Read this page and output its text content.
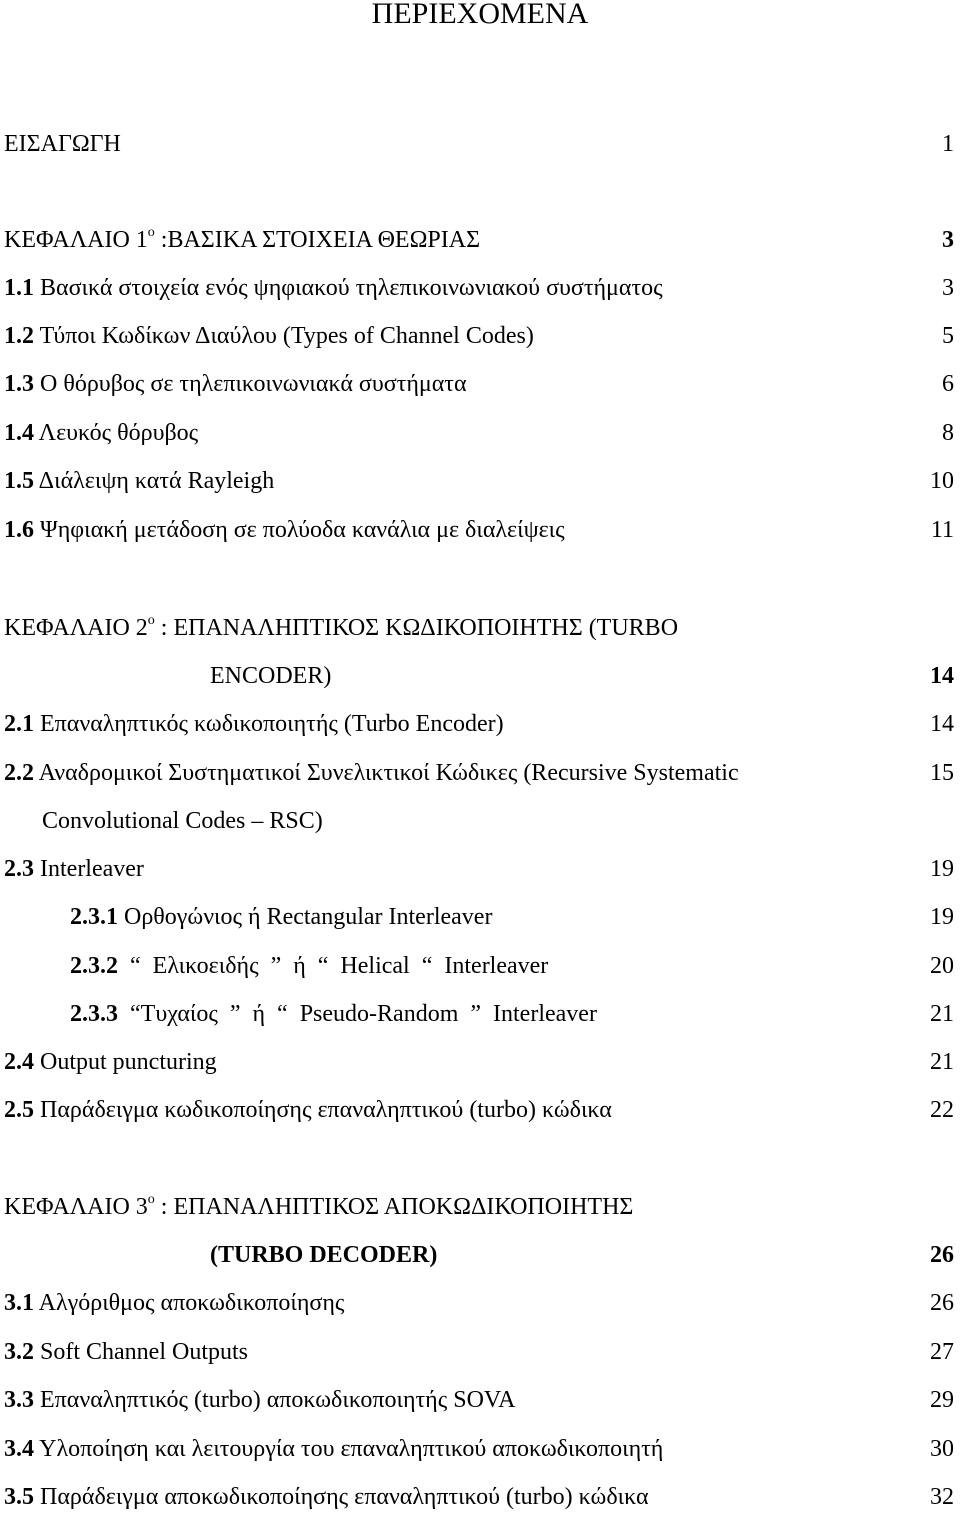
ΠΕΡΙΕΧΟΜΕΝΑ
ΕΙΣΑΓΩΓΗ	1
ΚΕΦΑΛΑΙΟ $1^o$ :ΒΑΣΙΚΑ ΣΤΟΙΧΕΙΑ ΘΕΩΡΙΑΣ	3
1.1 Βασικά στοιχεία ενός ψηφιακού τηλεπικοινωνιακού συστήματος	3
1.2 Τύποι Κωδίκων Διαύλου (Types of Channel Codes)	5
1.3 Ο θόρυβος σε τηλεπικοινωνιακά συστήματα	6
1.4 Λευκός θόρυβος	8
1.5 Διάλειψη κατά Rayleigh	10
1.6 Ψηφιακή μετάδοση σε πολύοδα κανάλια με διαλείψεις	11
ΚΕΦΑΛΑΙΟ $2^o$ : ΕΠΑΝΑΛΗΠΤΙΚΟΣ ΚΩΔΙΚΟΠΟΙΗΤΗΣ (TURBO
ENCODER)	14
2.1 Επαναληπτικός κωδικοποιητής (Turbo Encoder)	14
2.2 Αναδρομικοί Συστηματικοί Συνελικτικοί Κώδικες (Recursive Systematic	15
Convolutional Codes – RSC)
2.3 Interleaver	19
2.3.1 Ορθογώνιος ή Rectangular Interleaver	19
2.3.2 “ Ελικοειδής ” ή “ Helical “ Interleaver	20
2.3.3 “Τυχαίος ” ή “ Pseudo-Random ” Interleaver	21
2.4 Output puncturing	21
2.5 Παράδειγμα κωδικοποίησης επαναληπτικού (turbo) κώδικα	22
ΚΕΦΑΛΑΙΟ $3^o$ : ΕΠΑΝΑΛΗΠΤΙΚΟΣ ΑΠΟΚΩΔΙΚΟΠΟΙΗΤΗΣ
(TURBO DECODER)	26
3.1 Αλγόριθμος αποκωδικοποίησης	26
3.2 Soft Channel Outputs	27
3.3 Επαναληπτικός (turbo) αποκωδικοποιητής SOVA	29
3.4 Υλοποίηση και λειτουργία του επαναληπτικού αποκωδικοποιητή	30
3.5 Παράδειγμα αποκωδικοποίησης επαναληπτικού (turbo) κώδικα	32
